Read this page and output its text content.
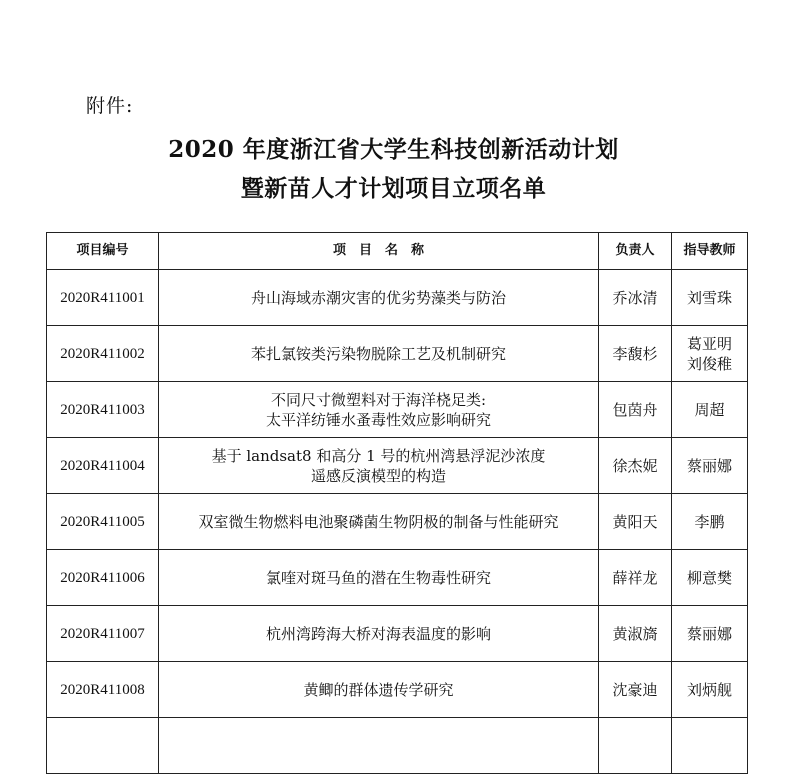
附件:
2020 年度浙江省大学生科技创新活动计划
暨新苗人才计划项目立项名单
项目编号	项　目　名　称	负责人	指导教师
2020R411001	舟山海域赤潮灾害的优劣势藻类与防治	乔冰清	刘雪珠

2020R411002	苯扎氯铵类污染物脱除工艺及机制研究	李馥杉	葛亚明
刘俊稚

2020R411003	不同尺寸微塑料对于海洋桡足类:
太平洋纺锤水蚤毒性效应影响研究	包茵舟	周超

2020R411004	基于 landsat8 和高分 1 号的杭州湾悬浮泥沙浓度
遥感反演模型的构造	徐杰妮	蔡丽娜

2020R411005	双室微生物燃料电池聚磷菌生物阴极的制备与性能研究	黄阳天	李鹏

2020R411006	氯喹对斑马鱼的潜在生物毒性研究	薛祥龙	柳意樊

2020R411007	杭州湾跨海大桥对海表温度的影响	黄淑旖	蔡丽娜

2020R411008	黄鲫的群体遗传学研究	沈豪迪	刘炳舰
